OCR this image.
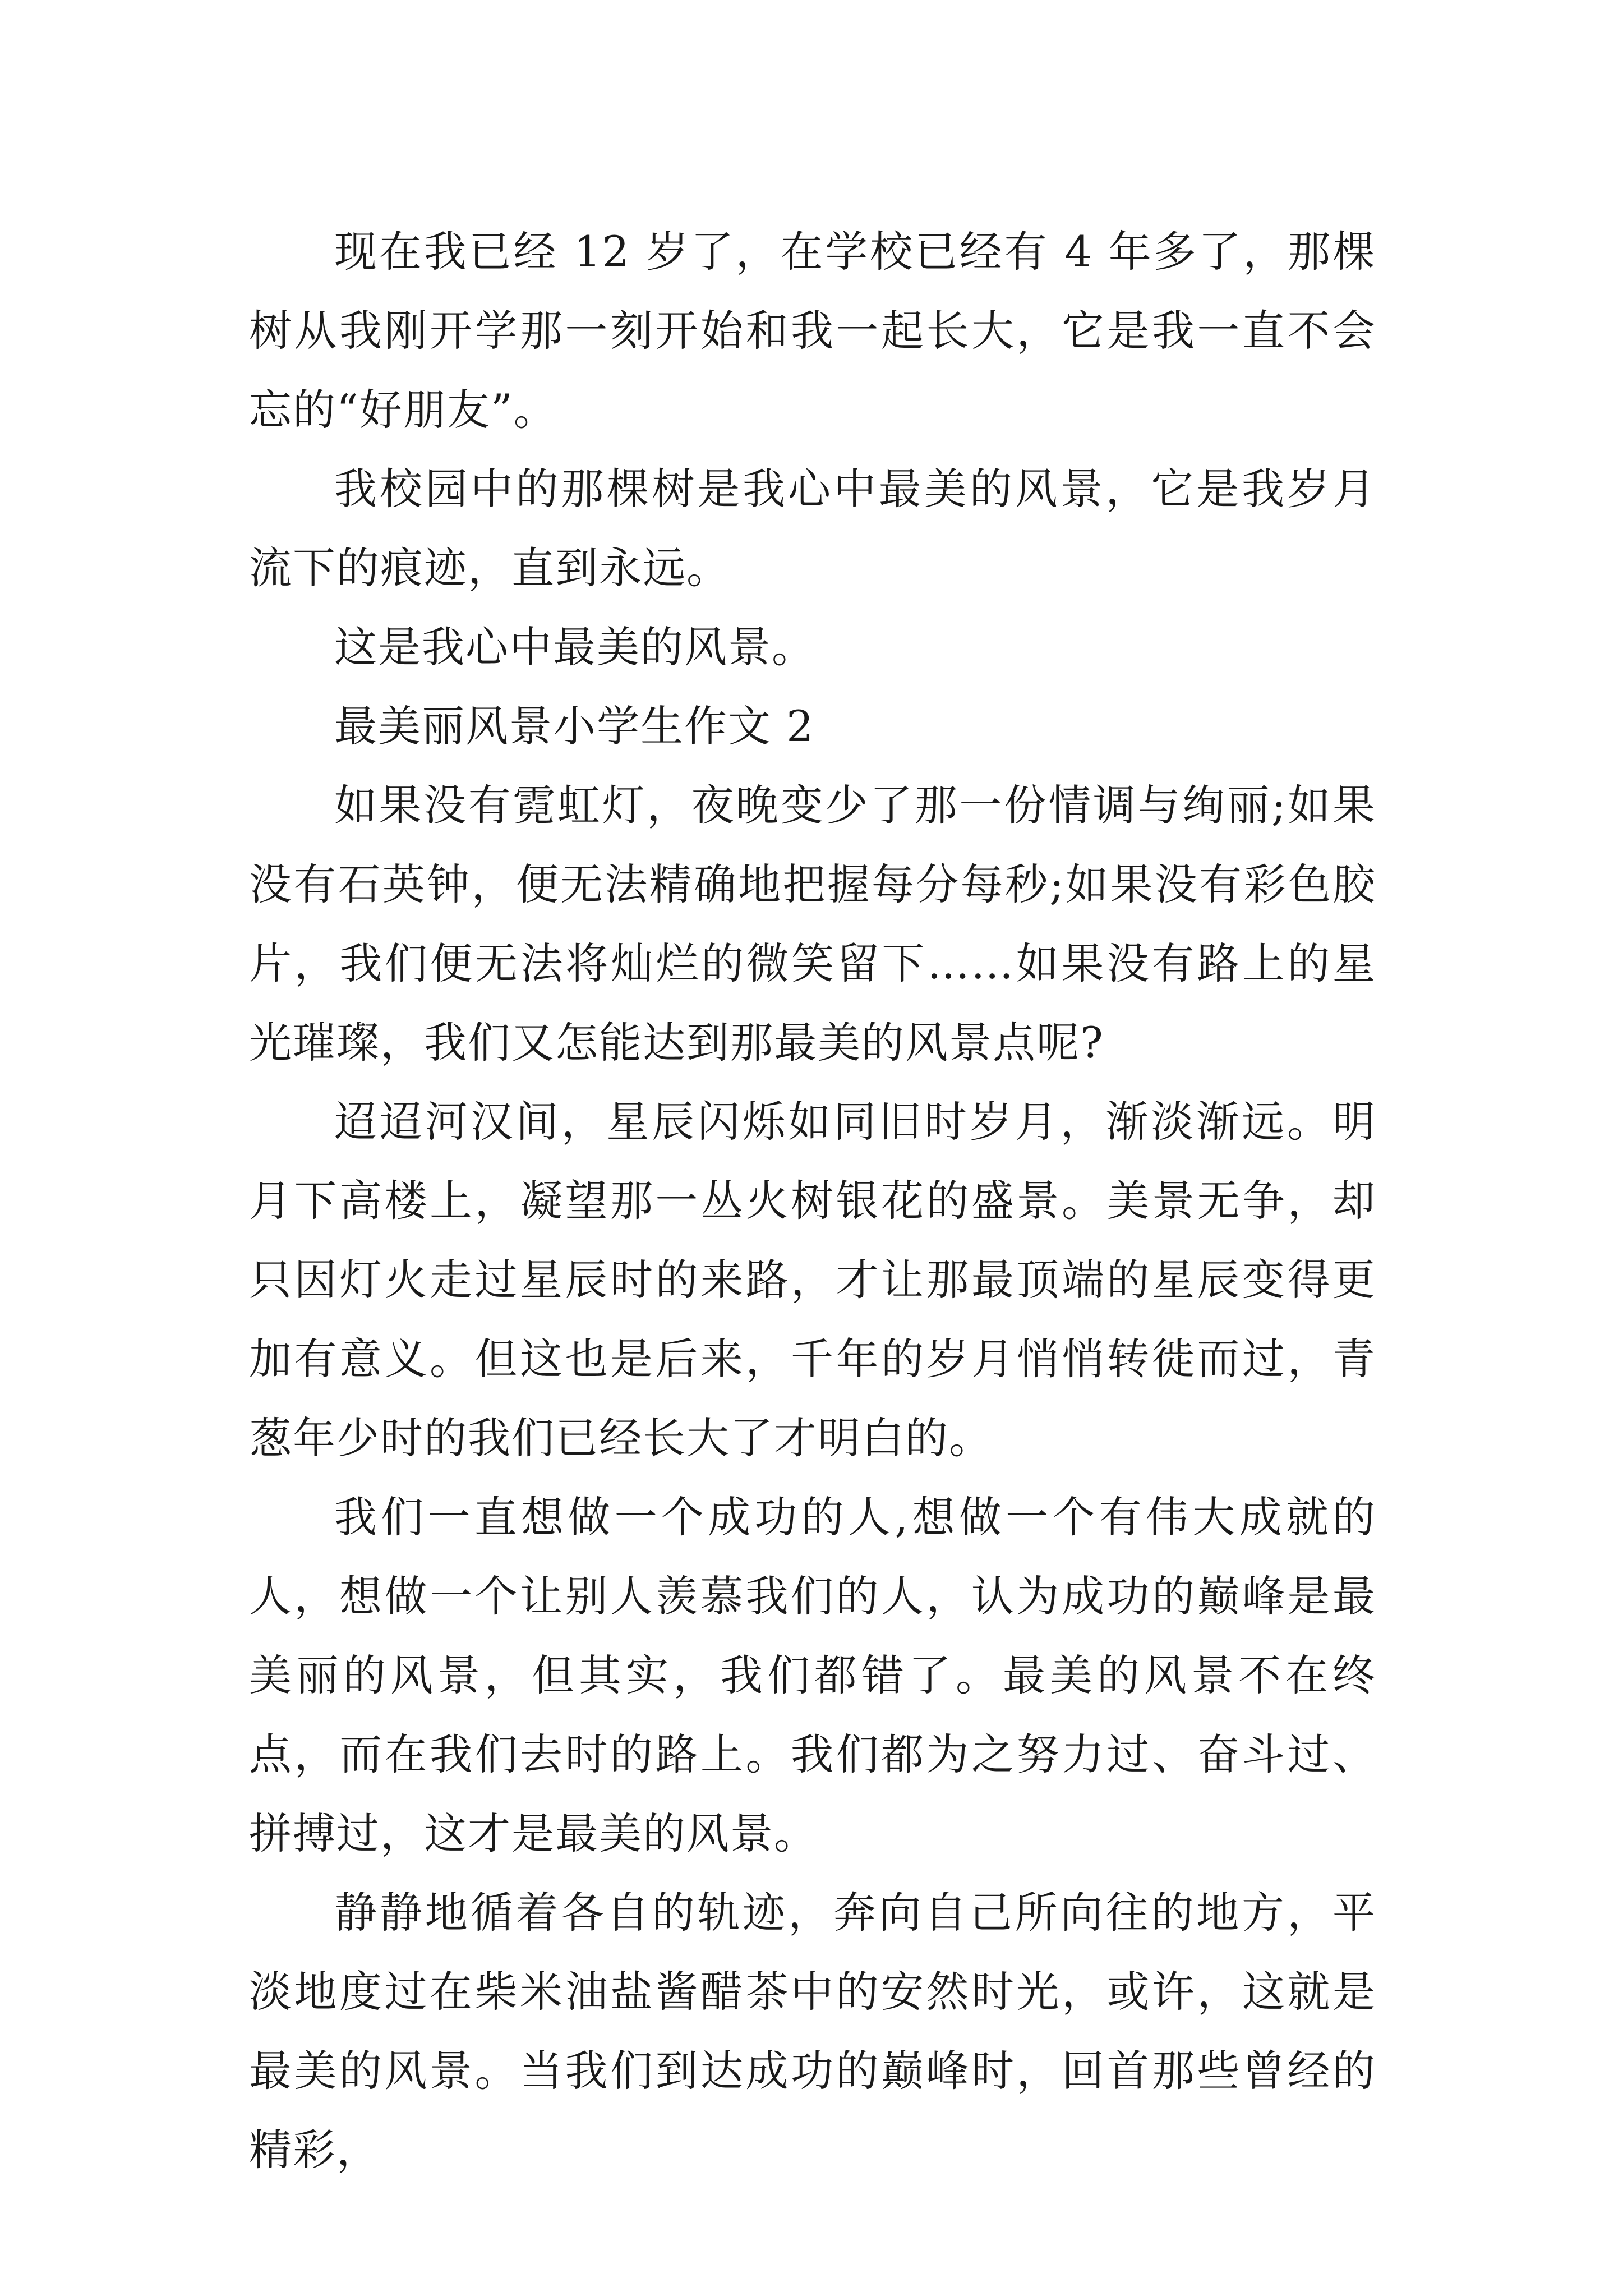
现在我已经 12 岁了，在学校已经有 4 年多了，那棵树从我刚开学那一刻开始和我一起长大，它是我一直不会忘的“好朋友”。

我校园中的那棵树是我心中最美的风景，它是我岁月流下的痕迹，直到永远。

这是我心中最美的风景。

最美丽风景小学生作文 2

如果没有霓虹灯，夜晚变少了那一份情调与绚丽;如果没有石英钟，便无法精确地把握每分每秒;如果没有彩色胶片，我们便无法将灿烂的微笑留下……如果没有路上的星光璀璨，我们又怎能达到那最美的风景点呢?

迢迢河汉间，星辰闪烁如同旧时岁月，渐淡渐远。明月下高楼上，凝望那一丛火树银花的盛景。美景无争，却只因灯火走过星辰时的来路，才让那最顶端的星辰变得更加有意义。但这也是后来，千年的岁月悄悄转徙而过，青葱年少时的我们已经长大了才明白的。

我们一直想做一个成功的人,想做一个有伟大成就的人，想做一个让别人羡慕我们的人，认为成功的巅峰是最美丽的风景，但其实，我们都错了。最美的风景不在终点，而在我们去时的路上。我们都为之努力过、奋斗过、拼搏过，这才是最美的风景。

静静地循着各自的轨迹，奔向自己所向往的地方，平淡地度过在柴米油盐酱醋茶中的安然时光，或许，这就是最美的风景。当我们到达成功的巅峰时，回首那些曾经的精彩，
